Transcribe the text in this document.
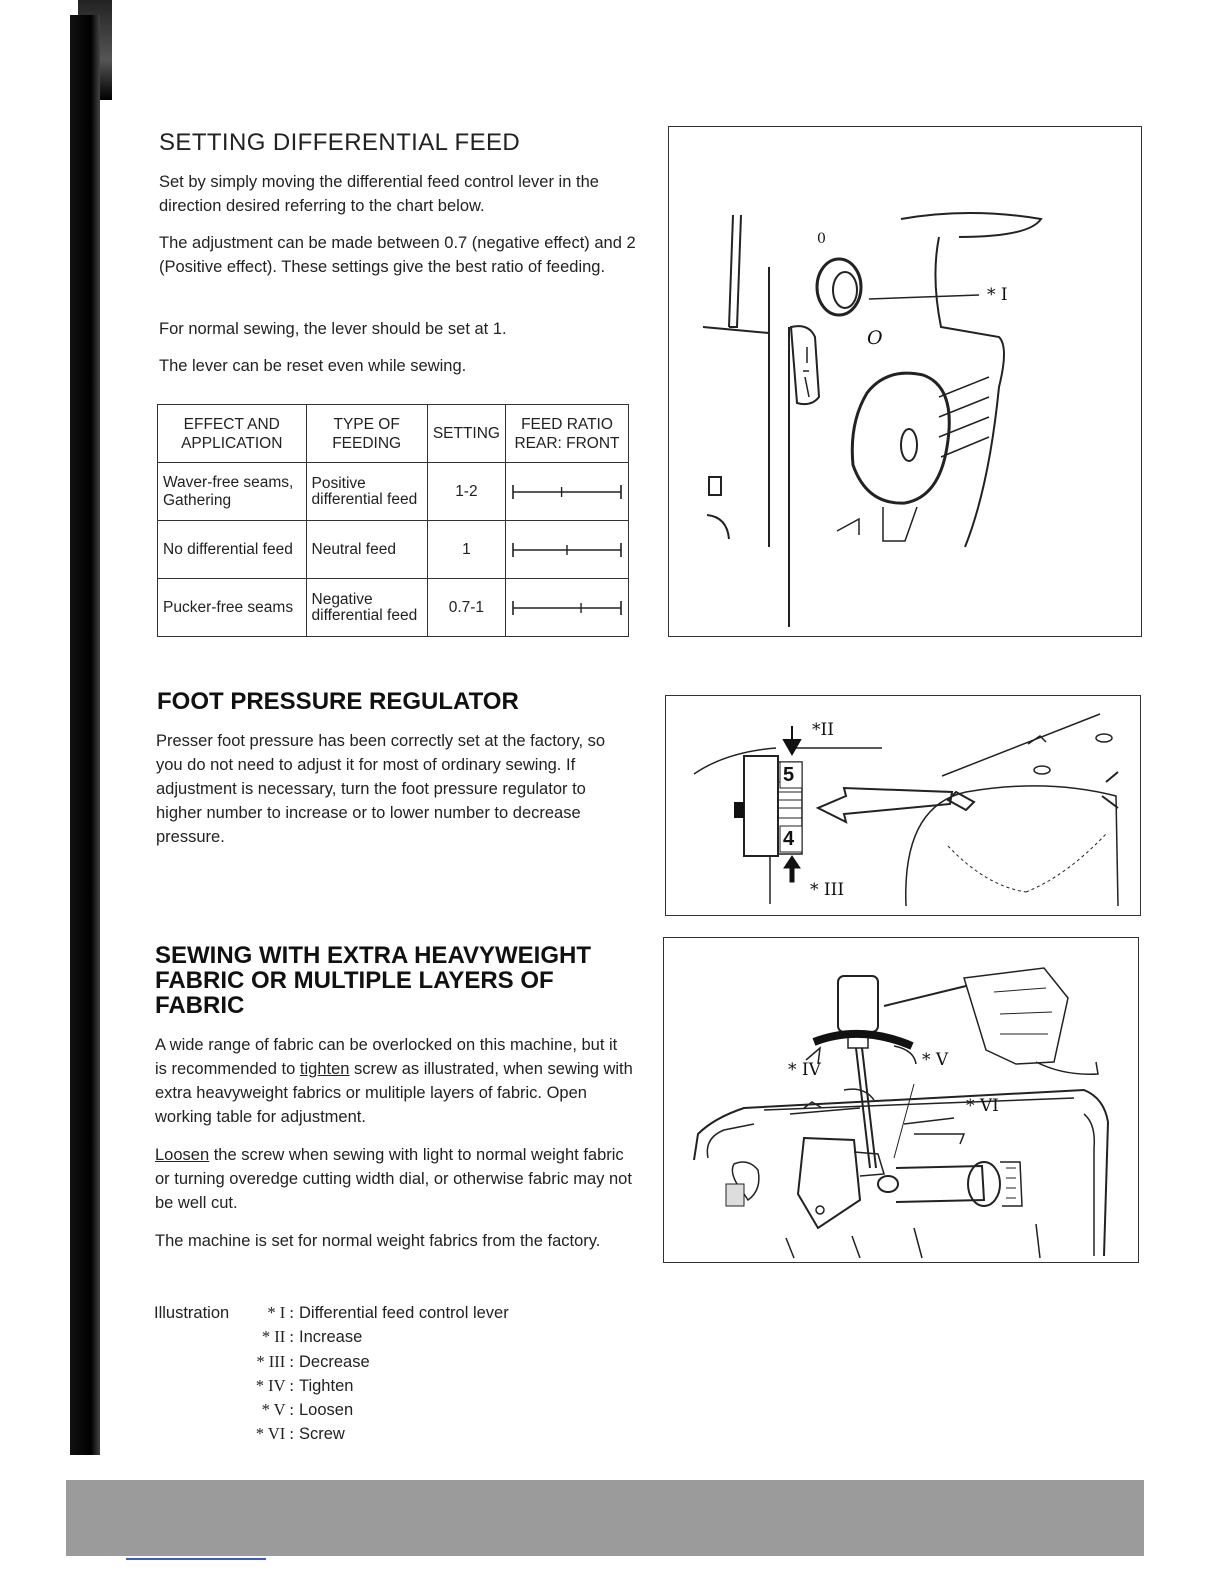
SETTING DIFFERENTIAL FEED

Set by simply moving the differential feed control lever in the direction desired referring to the chart below.

The adjustment can be made between 0.7 (negative effect) and 2 (Positive effect). These settings give the best ratio of feeding.

For normal sewing, the lever should be set at 1.

The lever can be reset even while sewing.

EFFECT AND APPLICATION	TYPE OF FEEDING	SETTING	FEED RATIO REAR: FRONT
Waver-free seams, Gathering	Positive differential feed	1-2	

No differential feed	Neutral feed	1	

Pucker-free seams	Negative differential feed	0.7-1	
0
O
* I
FOOT PRESSURE REGULATOR

Presser foot pressure has been correctly set at the factory, so you do not need to adjust it for most of ordinary sewing. If adjustment is necessary, turn the foot pressure regulator to higher number to increase or to lower number to decrease pressure.

5
4
*II
* III
SEWING WITH EXTRA HEAVYWEIGHT
FABRIC OR MULTIPLE LAYERS OF
FABRIC

A wide range of fabric can be overlocked on this machine, but it is recommended to tighten screw as illustrated, when sewing with extra heavyweight fabrics or mulitiple layers of fabric. Open working table for adjustment.

Loosen the screw when sewing with light to normal weight fabric or turning overedge cutting width dial, or otherwise fabric may not be well cut.

The machine is set for normal weight fabrics from the factory.

* IV	* V
* VI
Illustration	* I : Differential feed control lever
* II : Increase
* III : Decrease
* IV : Tighten
* V : Loosen
* VI : Screw
